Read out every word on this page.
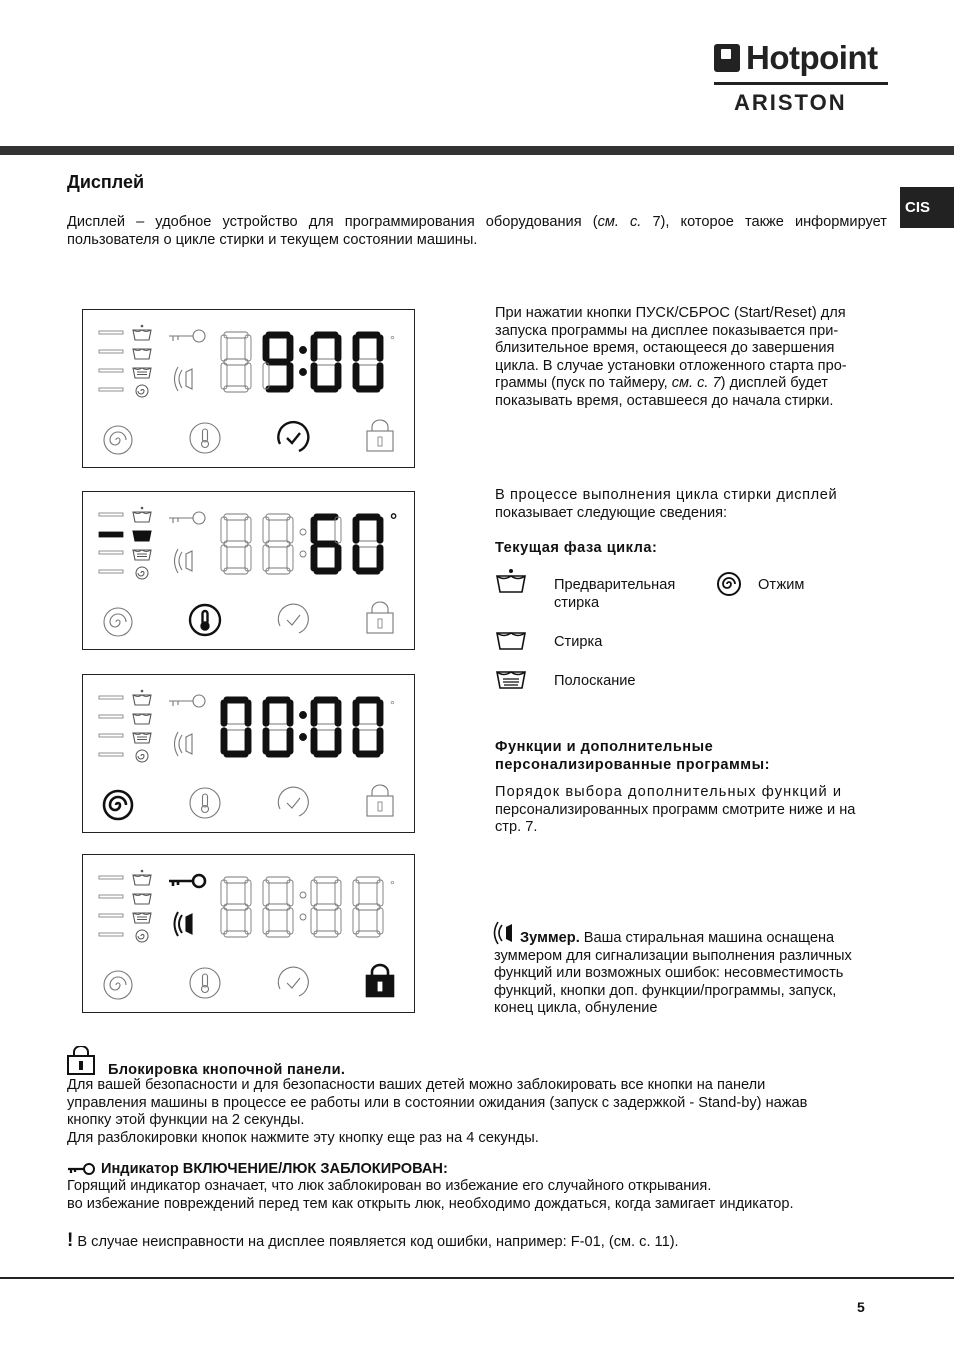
Hotpoint
ARISTON
CIS
Дисплей

Дисплей – удобное устройство для программирования оборудования (см. с. 7), которое также информирует пользователя о цикле стирки и текущем состоянии машины.

°
°
°
°
При нажатии кнопки ПУСК/СБРОС (Start/Reset) для
запуска программы на дисплее показывается при-
близительное время, остающееся до завершения
цикла. В случае установки отложенного старта про-
граммы (пуск по таймеру, см. с. 7) дисплей будет
показывать время, оставшееся до начала стирки.
В процессе выполнения цикла стирки дисплей
показывает следующие сведения:
Текущая фаза цикла:
Предварительная
стирка
Отжим
Стирка
Полоскание
Функции и дополнительные
персонализированные программы:
Порядок выбора дополнительных функций и
персонализированных программ смотрите ниже и на
стр. 7.
Зуммер. Ваша стиральная машина оснащена
зуммером для сигнализации выполнения различных
функций или возможных ошибок: несовместимость
функций, кнопки доп. функции/программы, запуск,
конец цикла, обнуление
Блокировка кнопочной панели.
Для вашей безопасности и для безопасности ваших детей можно заблокировать все кнопки на панели
управления машины в процессе ее работы или в состоянии ожидания (запуск с задержкой - Stand-by) нажав
кнопку этой функции на 2 секунды.
Для разблокировки кнопок нажмите эту кнопку еще раз на 4 секунды.
Индикатор ВКЛЮЧЕНИЕ/ЛЮК ЗАБЛОКИРОВАН:
Горящий индикатор означает, что люк заблокирован во избежание его случайного открывания.
во избежание повреждений перед тем как открыть люк, необходимо дождаться, когда замигает индикатор.
! В случае неисправности на дисплее появляется код ошибки, например: F-01, (см. с. 11).
5
